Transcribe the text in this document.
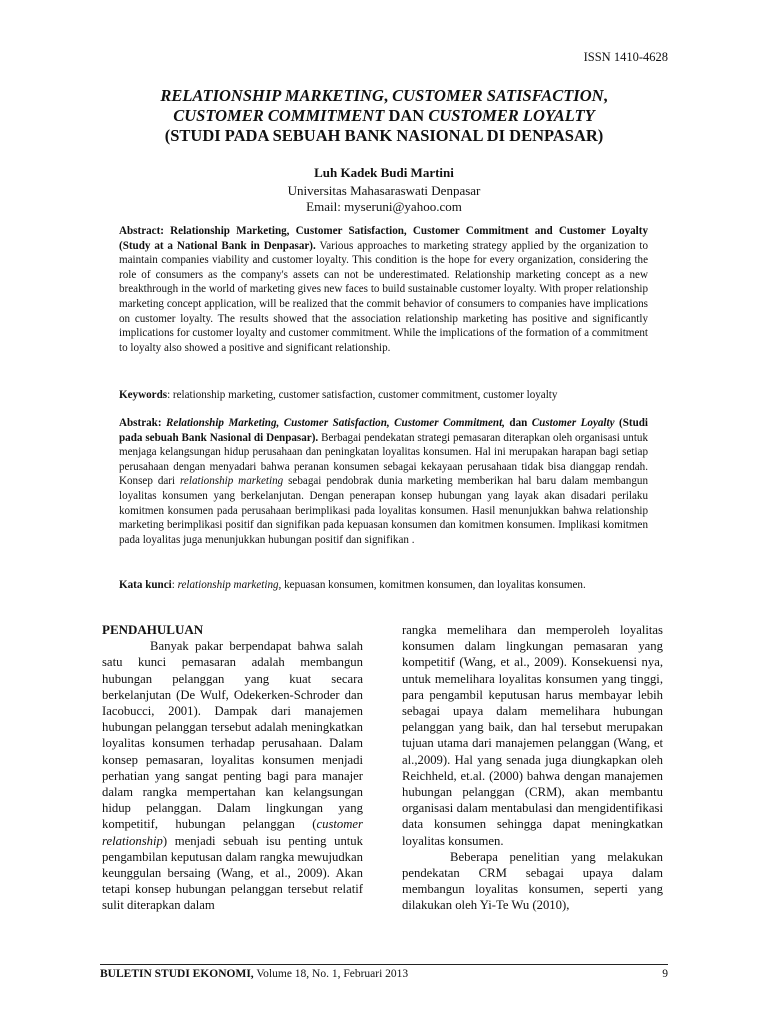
ISSN 1410-4628
RELATIONSHIP MARKETING, CUSTOMER SATISFACTION,
CUSTOMER COMMITMENT DAN CUSTOMER LOYALTY
(STUDI PADA SEBUAH BANK NASIONAL DI DENPASAR)
Luh Kadek Budi Martini
Universitas Mahasaraswati Denpasar
Email: myseruni@yahoo.com
Abstract: Relationship Marketing, Customer Satisfaction, Customer Commitment and Customer Loyalty (Study at a National Bank in Denpasar). Various approaches to marketing strategy applied by the organization to maintain companies viability and customer loyalty. This condition is the hope for every organization, considering the role of consumers as the company's assets can not be underestimated. Relationship marketing concept as a new breakthrough in the world of marketing gives new faces to build sustainable customer loyalty. With proper relationship marketing concept application, will be realized that the commit behavior of consumers to companies have implications on customer loyalty. The results showed that the association relationship marketing has positive and significantly implications for customer loyalty and customer commitment. While the implications of the formation of a commitment to loyalty also showed a positive and significant relationship.
Keywords: relationship marketing, customer satisfaction, customer commitment, customer loyalty
Abstrak: Relationship Marketing, Customer Satisfaction, Customer Commitment, dan Customer Loyalty (Studi pada sebuah Bank Nasional di Denpasar). Berbagai pendekatan strategi pemasaran diterapkan oleh organisasi untuk menjaga kelangsungan hidup perusahaan dan peningkatan loyalitas konsumen. Hal ini merupakan harapan bagi setiap perusahaan dengan menyadari bahwa peranan konsumen sebagai kekayaan perusahaan tidak bisa dianggap rendah. Konsep dari relationship marketing sebagai pendobrak dunia marketing memberikan hal baru dalam membangun loyalitas konsumen yang berkelanjutan. Dengan penerapan konsep hubungan yang layak akan disadari perilaku komitmen konsumen pada perusahaan berimplikasi pada loyalitas konsumen. Hasil menunjukkan bahwa relationship marketing berimplikasi positif dan signifikan pada kepuasan konsumen dan komitmen konsumen. Implikasi komitmen pada loyalitas juga menunjukkan hubungan positif dan signifikan .
Kata kunci: relationship marketing, kepuasan konsumen, komitmen konsumen, dan loyalitas konsumen.
PENDAHULUAN

Banyak pakar berpendapat bahwa salah satu kunci pemasaran adalah membangun hubungan pelanggan yang kuat secara berkelanjutan (De Wulf, Odekerken-Schroder dan Iacobucci, 2001). Dampak dari manajemen hubungan pelanggan tersebut adalah meningkatkan loyalitas konsumen terhadap perusahaan. Dalam konsep pemasaran, loyalitas konsumen menjadi perhatian yang sangat penting bagi para manajer dalam rangka mempertahan kan kelangsungan hidup pelanggan. Dalam lingkungan yang kompetitif, hubungan pelanggan (customer relationship) menjadi sebuah isu penting untuk pengambilan keputusan dalam rangka mewujudkan keunggulan bersaing (Wang, et al., 2009). Akan tetapi konsep hubungan pelanggan tersebut relatif sulit diterapkan dalam

rangka memelihara dan memperoleh loyalitas konsumen dalam lingkungan pemasaran yang kompetitif (Wang, et al., 2009). Konsekuensi nya, untuk memelihara loyalitas konsumen yang tinggi, para pengambil keputusan harus membayar lebih sebagai upaya dalam memelihara hubungan pelanggan yang baik, dan hal tersebut merupakan tujuan utama dari manajemen pelanggan (Wang, et al.,2009). Hal yang senada juga diungkapkan oleh Reichheld, et.al. (2000) bahwa dengan manajemen hubungan pelanggan (CRM), akan membantu organisasi dalam mentabulasi dan mengidentifikasi data konsumen sehingga dapat meningkatkan loyalitas konsumen.

Beberapa penelitian yang melakukan pendekatan CRM sebagai upaya dalam membangun loyalitas konsumen, seperti yang dilakukan oleh Yi-Te Wu (2010),

BULETIN STUDI EKONOMI, Volume 18, No. 1, Februari 2013	9
